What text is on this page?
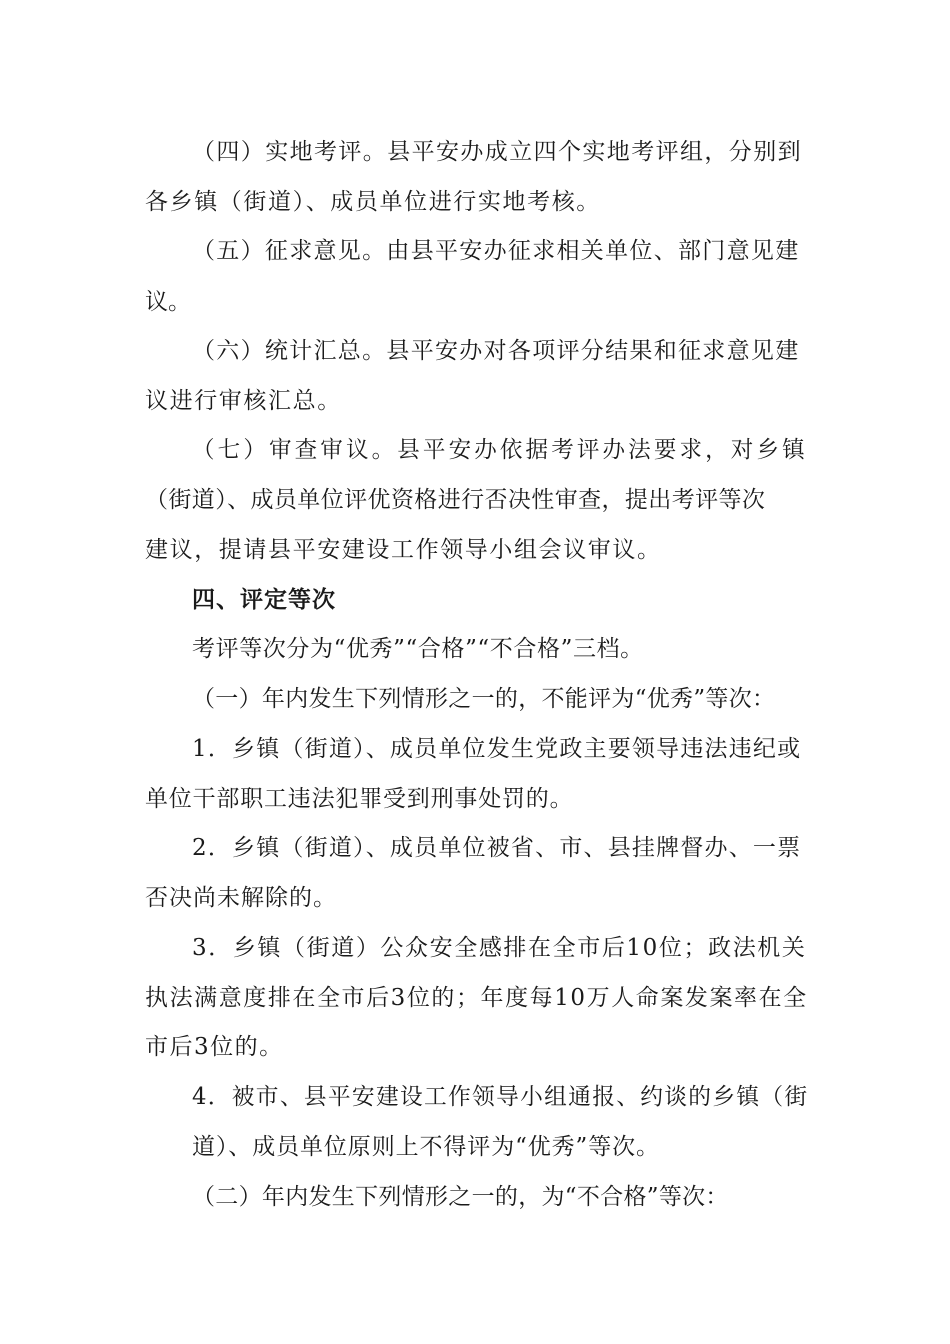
（四）实地考评。县平安办成立四个实地考评组，分别到
各乡镇（街道）、成员单位进行实地考核。
（五）征求意见。由县平安办征求相关单位、部门意见建
议。
（六）统计汇总。县平安办对各项评分结果和征求意见建
议进行审核汇总。
（七）审查审议。县平安办依据考评办法要求，对乡镇
（街道）、成员单位评优资格进行否决性审查，提出考评等次
建议，提请县平安建设工作领导小组会议审议。
四、评定等次
考评等次分为“优秀”“合格”“不合格”三档。
（一）年内发生下列情形之一的，不能评为“优秀”等次：
1．乡镇（街道）、成员单位发生党政主要领导违法违纪或
单位干部职工违法犯罪受到刑事处罚的。
2．乡镇（街道）、成员单位被省、市、县挂牌督办、一票
否决尚未解除的。
3．乡镇（街道）公众安全感排在全市后10位；政法机关
执法满意度排在全市后3位的；年度每10万人命案发案率在全
市后3位的。
4．被市、县平安建设工作领导小组通报、约谈的乡镇（街
道）、成员单位原则上不得评为“优秀”等次。
（二）年内发生下列情形之一的，为“不合格”等次：
